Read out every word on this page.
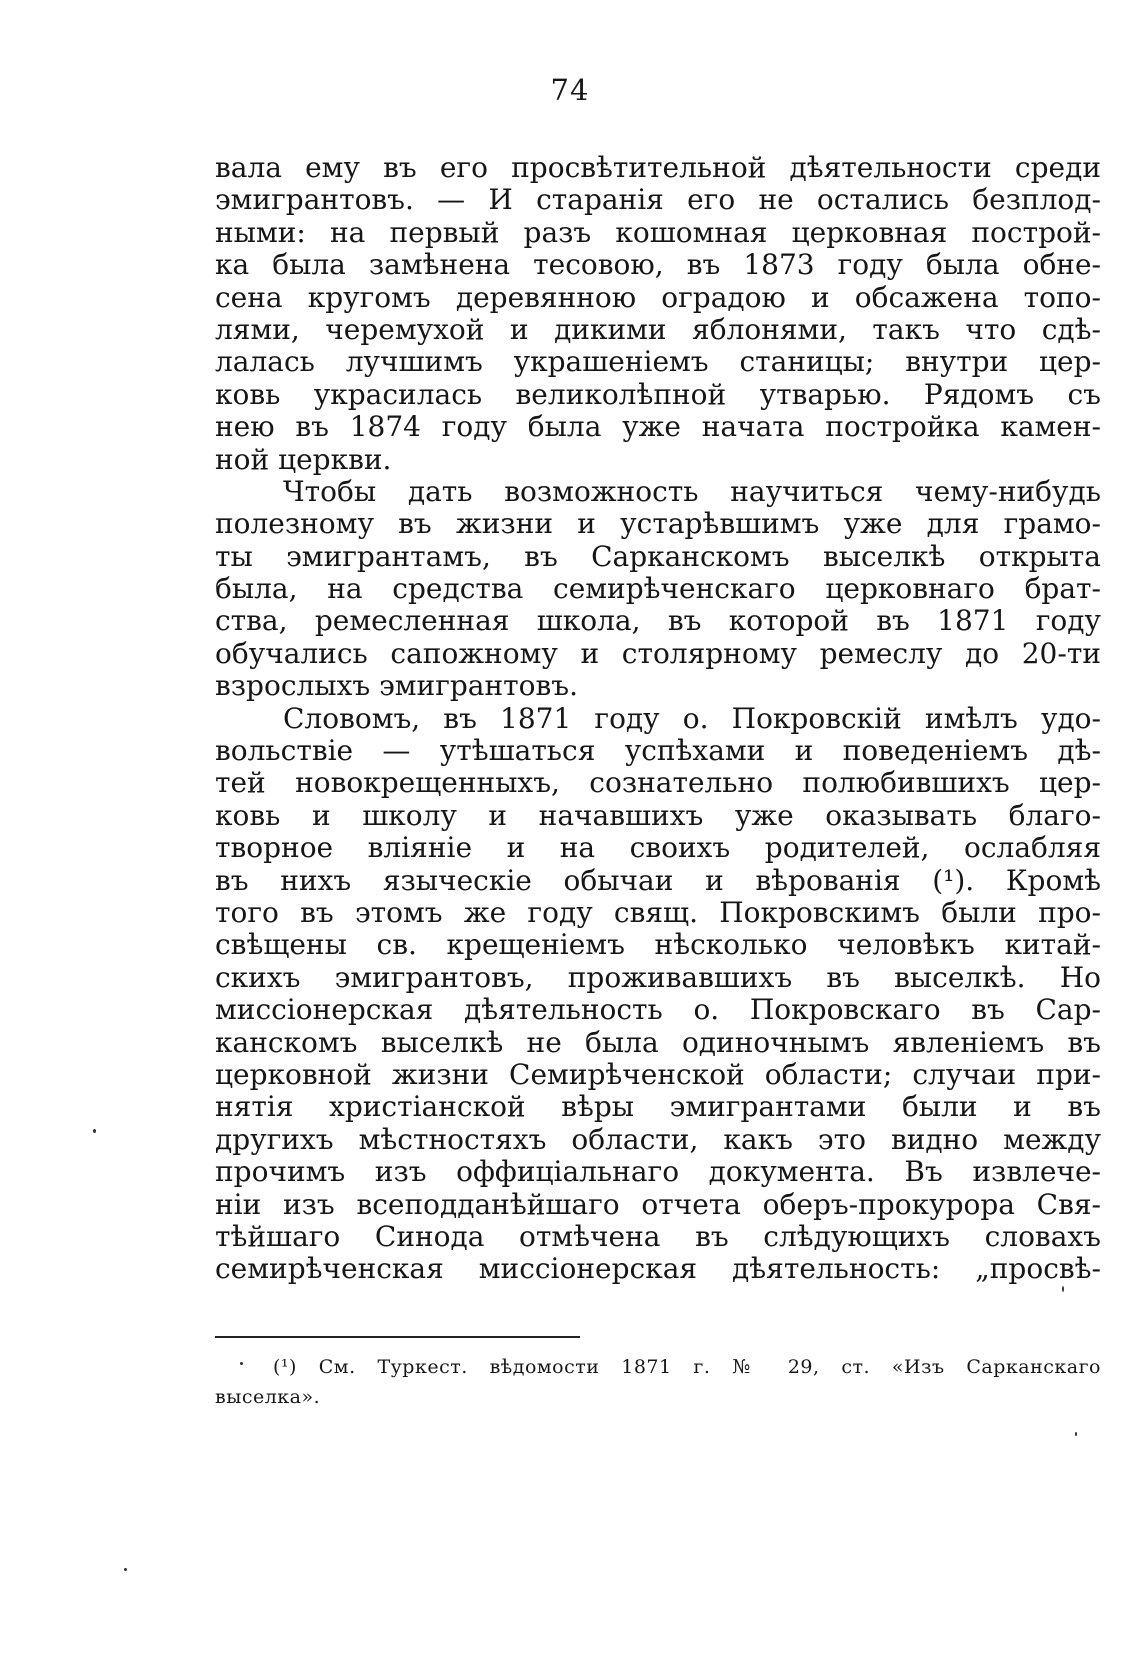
74
вала ему въ его просвѣтительной дѣятельности среди
эмигрантовъ. — И старанія его не остались безплод-
ными: на первый разъ кошомная церковная построй-
ка была замѣнена тесовою, въ 1873 году была обне-
сена кругомъ деревянною оградою и обсажена топо-
лями, черемухой и дикими яблонями, такъ что сдѣ-
лалась лучшимъ украшеніемъ станицы; внутри цер-
ковь украсилась великолѣпной утварью. Рядомъ съ
нею въ 1874 году была уже начата постройка камен-
ной церкви.
Чтобы дать возможность научиться чему-нибудь
полезному въ жизни и устарѣвшимъ уже для грамо-
ты эмигрантамъ, въ Сарканскомъ выселкѣ открыта
была, на средства семирѣченскаго церковнаго брат-
ства, ремесленная школа, въ которой въ 1871 году
обучались сапожному и столярному ремеслу до 20-ти
взрослыхъ эмигрантовъ.
Словомъ, въ 1871 году о. Покровскій имѣлъ удо-
вольствіе — утѣшаться успѣхами и поведеніемъ дѣ-
тей новокрещенныхъ, сознательно полюбившихъ цер-
ковь и школу и начавшихъ уже оказывать благо-
творное вліяніе и на своихъ родителей, ослабляя
въ нихъ языческіе обычаи и вѣрованія (¹). Кромѣ
того въ этомъ же году свящ. Покровскимъ были про-
свѣщены св. крещеніемъ нѣсколько человѣкъ китай-
скихъ эмигрантовъ, проживавшихъ въ выселкѣ. Но
миссіонерская дѣятельность о. Покровскаго въ Сар-
канскомъ выселкѣ не была одиночнымъ явленіемъ въ
церковной жизни Семирѣченской области; случаи при-
нятія христіанской вѣры эмигрантами были и въ
другихъ мѣстностяхъ области, какъ это видно между
прочимъ изъ оффиціальнаго документа. Въ извлече-
ніи изъ всеподданѣйшаго отчета оберъ-прокурора Свя-
тѣйшаго Синода отмѣчена въ слѣдующихъ словахъ
семирѣченская миссіонерская дѣятельность: „просвѣ-
(¹) См. Туркест. вѣдомости 1871 г. № 29, ст. «Изъ Сарканскаго
выселка».
